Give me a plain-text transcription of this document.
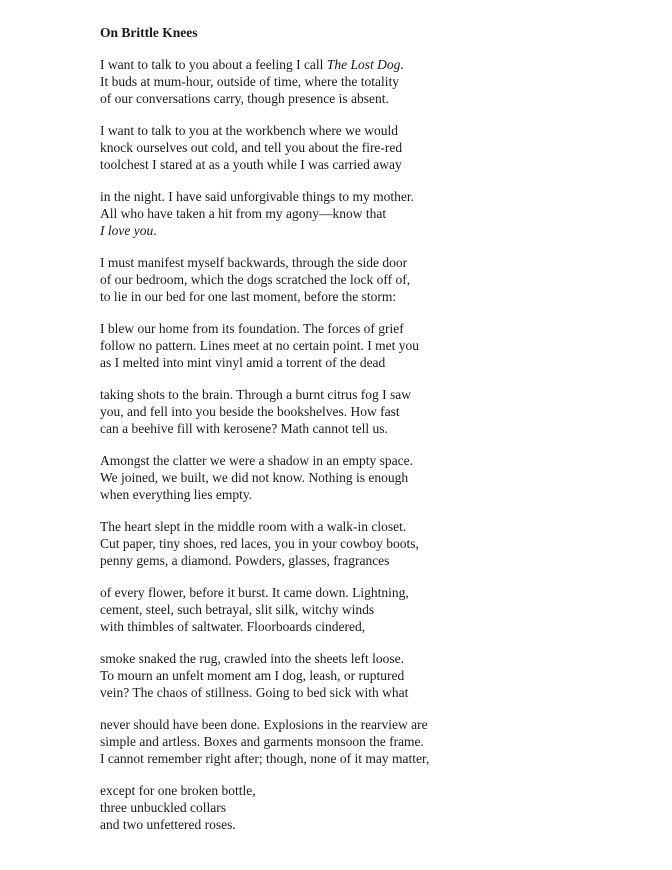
On Brittle Knees
I want to talk to you about a feeling I call The Lost Dog.
It buds at mum-hour, outside of time, where the totality
of our conversations carry, though presence is absent.
I want to talk to you at the workbench where we would
knock ourselves out cold, and tell you about the fire-red
toolchest I stared at as a youth while I was carried away
in the night. I have said unforgivable things to my mother.
All who have taken a hit from my agony—know that
I love you.
I must manifest myself backwards, through the side door
of our bedroom, which the dogs scratched the lock off of,
to lie in our bed for one last moment, before the storm:
I blew our home from its foundation. The forces of grief
follow no pattern. Lines meet at no certain point. I met you
as I melted into mint vinyl amid a torrent of the dead
taking shots to the brain. Through a burnt citrus fog I saw
you, and fell into you beside the bookshelves. How fast
can a beehive fill with kerosene? Math cannot tell us.
Amongst the clatter we were a shadow in an empty space.
We joined, we built, we did not know. Nothing is enough
when everything lies empty.
The heart slept in the middle room with a walk-in closet.
Cut paper, tiny shoes, red laces, you in your cowboy boots,
penny gems, a diamond. Powders, glasses, fragrances
of every flower, before it burst. It came down. Lightning,
cement, steel, such betrayal, slit silk, witchy winds
with thimbles of saltwater. Floorboards cindered,
smoke snaked the rug, crawled into the sheets left loose.
To mourn an unfelt moment am I dog, leash, or ruptured
vein? The chaos of stillness. Going to bed sick with what
never should have been done. Explosions in the rearview are
simple and artless. Boxes and garments monsoon the frame.
I cannot remember right after; though, none of it may matter,
except for one broken bottle,
three unbuckled collars
and two unfettered roses.
